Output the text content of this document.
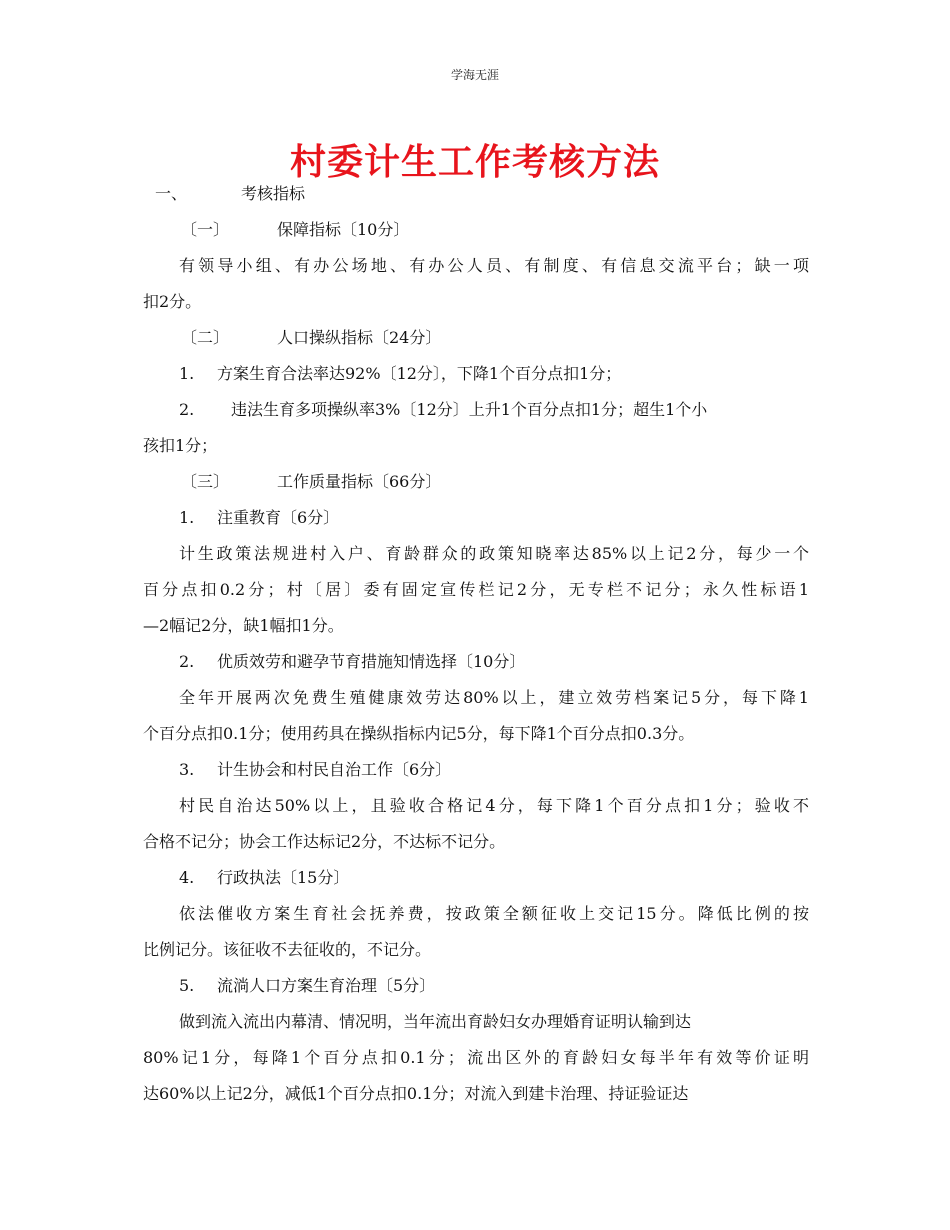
学海无涯
村委计生工作考核方法
一、	考核指标
〔一〕	保障指标〔10分〕
有领导小组、有办公场地、有办公人员、有制度、有信息交流平台；缺一项
扣2分。
〔二〕	人口操纵指标〔24分〕
1. 方案生育合法率达92%〔12分〕，下降1个百分点扣1分；
2. 违法生育多项操纵率3%〔12分〕上升1个百分点扣1分；超生1个小
孩扣1分；
〔三〕	工作质量指标〔66分〕
1. 注重教育〔6分〕
计生政策法规进村入户、育龄群众的政策知晓率达85%以上记2分，每少一个
百分点扣0.2分；村〔居〕委有固定宣传栏记2分，无专栏不记分；永久性标语1
—2幅记2分，缺1幅扣1分。
2. 优质效劳和避孕节育措施知情选择〔10分〕
全年开展两次免费生殖健康效劳达80%以上，建立效劳档案记5分，每下降1
个百分点扣0.1分；使用药具在操纵指标内记5分，每下降1个百分点扣0.3分。
3. 计生协会和村民自治工作〔6分〕
村民自治达50%以上，且验收合格记4分，每下降1个百分点扣1分；验收不
合格不记分；协会工作达标记2分，不达标不记分。
4. 行政执法〔15分〕
依法催收方案生育社会抚养费，按政策全额征收上交记15分。降低比例的按
比例记分。该征收不去征收的，不记分。
5. 流淌人口方案生育治理〔5分〕
做到流入流出内幕清、情况明，当年流出育龄妇女办理婚育证明认输到达
80%记1分，每降1个百分点扣0.1分；流出区外的育龄妇女每半年有效等价证明
达60%以上记2分，减低1个百分点扣0.1分；对流入到建卡治理、持证验证达
